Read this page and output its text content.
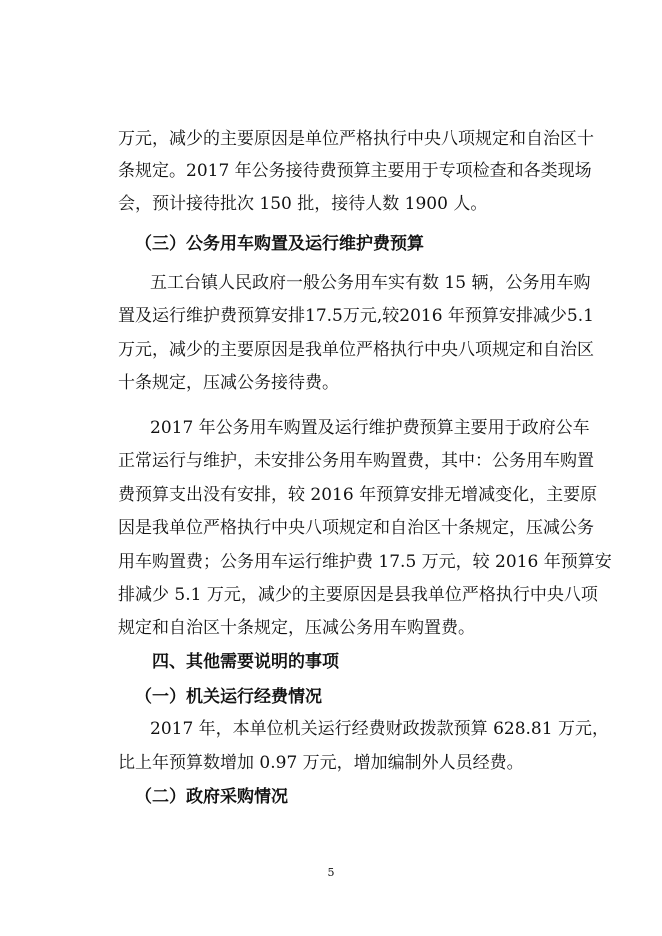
万元，减少的主要原因是单位严格执行中央八项规定和自治区十
条规定。2017 年公务接待费预算主要用于专项检查和各类现场
会，预计接待批次 150 批，接待人数 1900 人。
（三）公务用车购置及运行维护费预算
五工台镇人民政府一般公务用车实有数 15 辆，公务用车购
置及运行维护费预算安排17.5万元,较2016 年预算安排减少5.1
万元，减少的主要原因是我单位严格执行中央八项规定和自治区
十条规定，压减公务接待费。
2017 年公务用车购置及运行维护费预算主要用于政府公车
正常运行与维护，未安排公务用车购置费，其中：公务用车购置
费预算支出没有安排，较 2016 年预算安排无增减变化，主要原
因是我单位严格执行中央八项规定和自治区十条规定，压减公务
用车购置费；公务用车运行维护费 17.5 万元，较 2016 年预算安
排减少 5.1 万元，减少的主要原因是县我单位严格执行中央八项
规定和自治区十条规定，压减公务用车购置费。
四、其他需要说明的事项
（一）机关运行经费情况
2017 年，本单位机关运行经费财政拨款预算 628.81 万元，
比上年预算数增加 0.97 万元，增加编制外人员经费。
（二）政府采购情况
5
